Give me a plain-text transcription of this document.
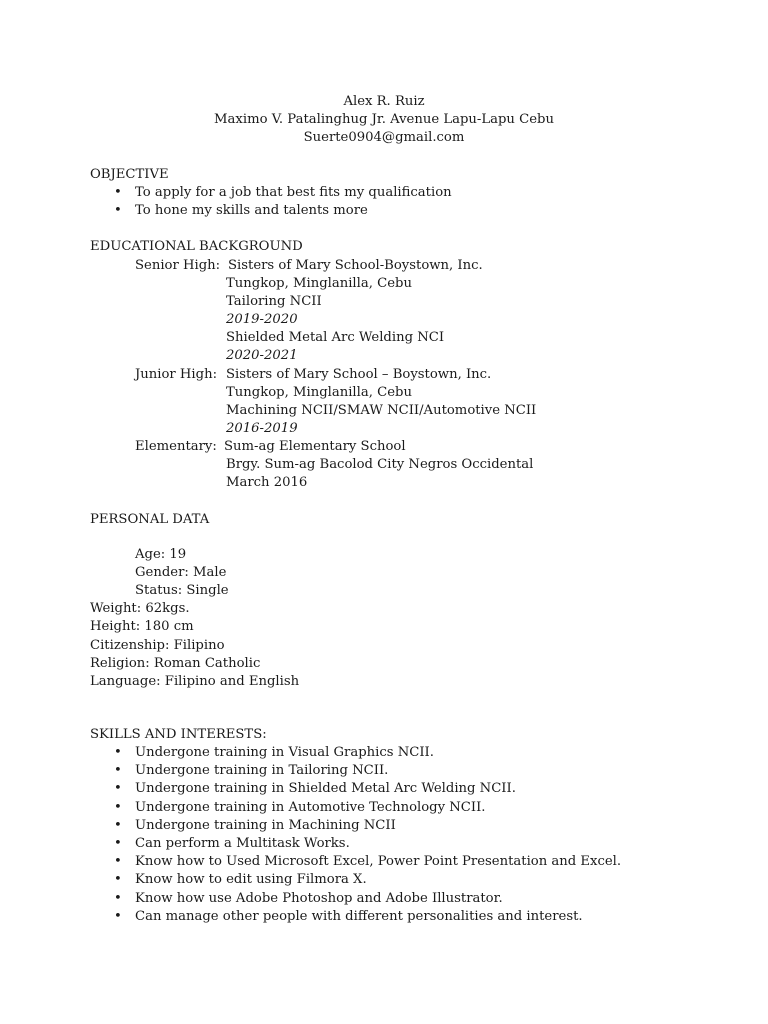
Alex R. Ruiz
Maximo V. Patalinghug Jr. Avenue Lapu-Lapu Cebu
Suerte0904@gmail.com
OBJECTIVE
• To apply for a job that best fits my qualification
• To hone my skills and talents more
EDUCATIONAL BACKGROUND
Senior High: Sisters of Mary School-Boystown, Inc.
Tungkop, Minglanilla, Cebu
Tailoring NCII
2019-2020
Shielded Metal Arc Welding NCI
2020-2021
Junior High: Sisters of Mary School – Boystown, Inc.
Tungkop, Minglanilla, Cebu
Machining NCII/SMAW NCII/Automotive NCII
2016-2019
Elementary: Sum-ag Elementary School
Brgy. Sum-ag Bacolod City Negros Occidental
March 2016
PERSONAL DATA
Age: 19
Gender: Male
Status: Single
Weight: 62kgs.
Height: 180 cm
Citizenship: Filipino
Religion: Roman Catholic
Language: Filipino and English
SKILLS AND INTERESTS:
• Undergone training in Visual Graphics NCII.
• Undergone training in Tailoring NCII.
• Undergone training in Shielded Metal Arc Welding NCII.
• Undergone training in Automotive Technology NCII.
• Undergone training in Machining NCII
• Can perform a Multitask Works.
• Know how to Used Microsoft Excel, Power Point Presentation and Excel.
• Know how to edit using Filmora X.
• Know how use Adobe Photoshop and Adobe Illustrator.
• Can manage other people with different personalities and interest.
